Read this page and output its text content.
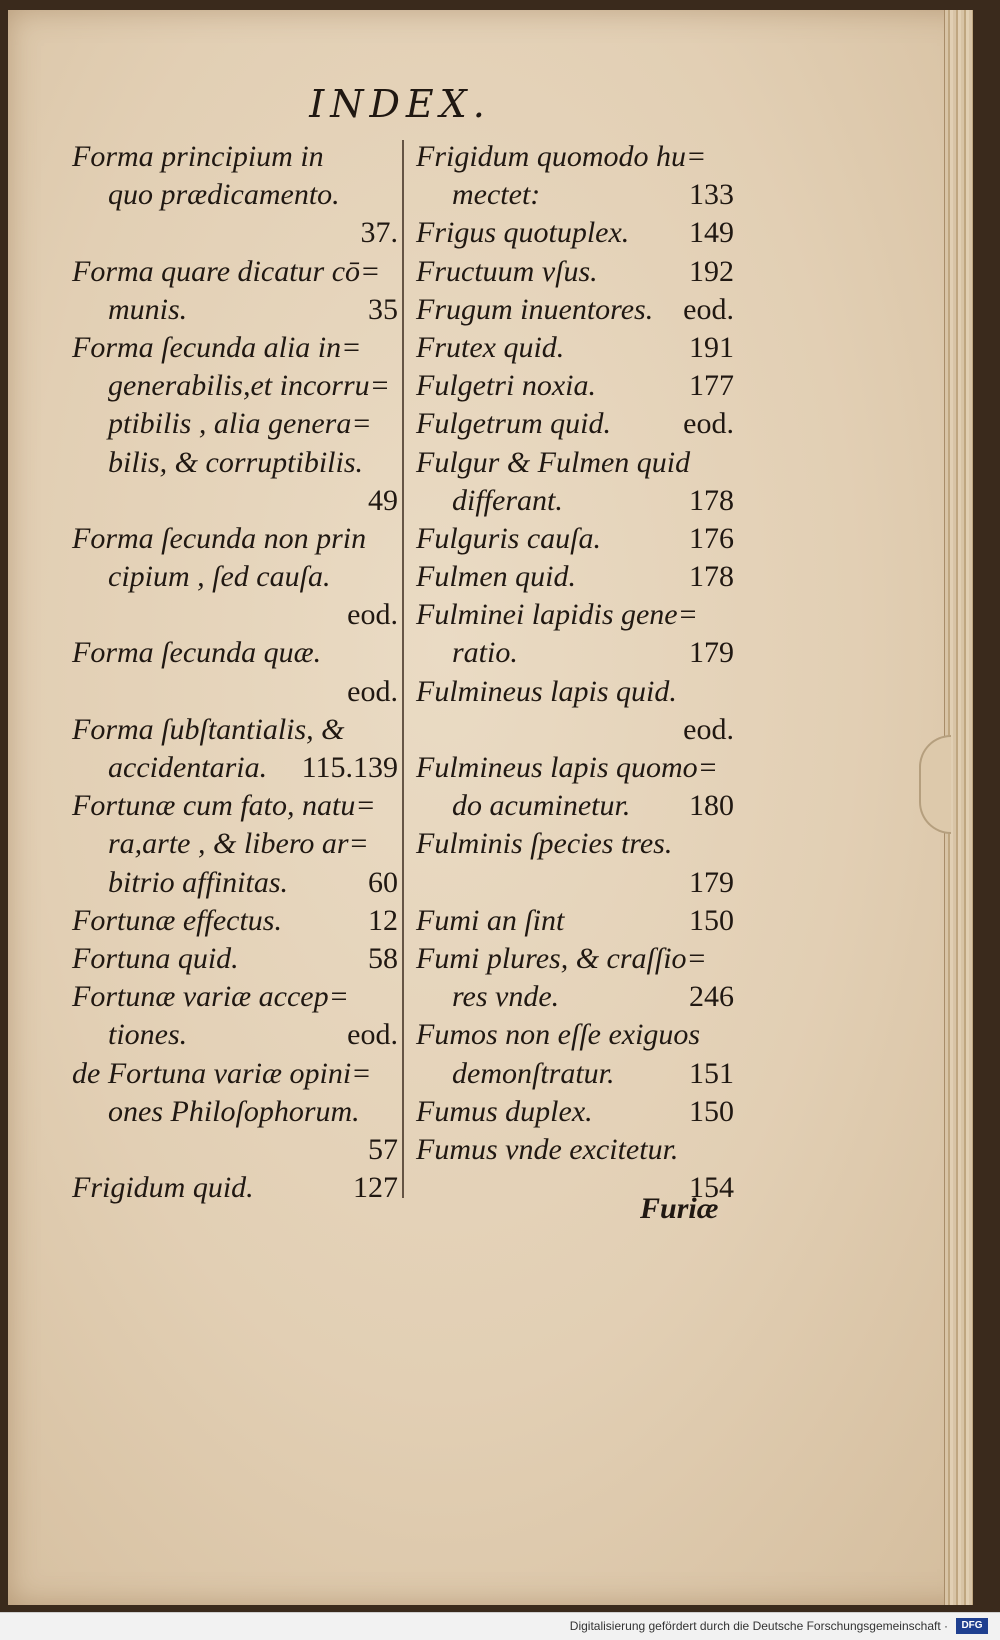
INDEX.
Forma principium in
quo prædicamento.
37.
Forma quare dicatur cō=
munis.	35
Forma ſecunda alia in=
generabilis,et incorru=
ptibilis , alia genera=
bilis, & corruptibilis.
49
Forma ſecunda non prin
cipium , ſed cauſa.
eod.
Forma ſecunda quæ.
eod.
Forma ſubſtantialis, &
accidentaria. 115.139
Fortunæ cum fato, natu=
ra,arte , & libero ar=
bitrio affinitas.	60
Fortunæ effectus.	12
Fortuna quid.	58
Fortunæ variæ accep=
tiones.	eod.
de Fortuna variæ opini=
ones Philoſophorum.
57
Frigidum quid.	127
Frigidum quomodo hu=
mectet:	133
Frigus quotuplex. 149
Fructuum vſus.	192
Frugum inuentores. eod.
Frutex quid.	191
Fulgetri noxia.	177
Fulgetrum quid. eod.
Fulgur & Fulmen quid
differant.	178
Fulguris cauſa.	176
Fulmen quid.	178
Fulminei lapidis gene=
ratio.	179
Fulmineus lapis quid.
eod.
Fulmineus lapis quomo=
do acuminetur. 180
Fulminis ſpecies tres.
179
Fumi an ſint	150
Fumi plures, & craſſio=
res vnde.	246
Fumos non eſſe exiguos
demonſtratur. 151
Fumus duplex.	150
Fumus vnde excitetur.
154
Furiæ
Digitalisierung gefördert durch die Deutsche Forschungsgemeinschaft ·	DFG
